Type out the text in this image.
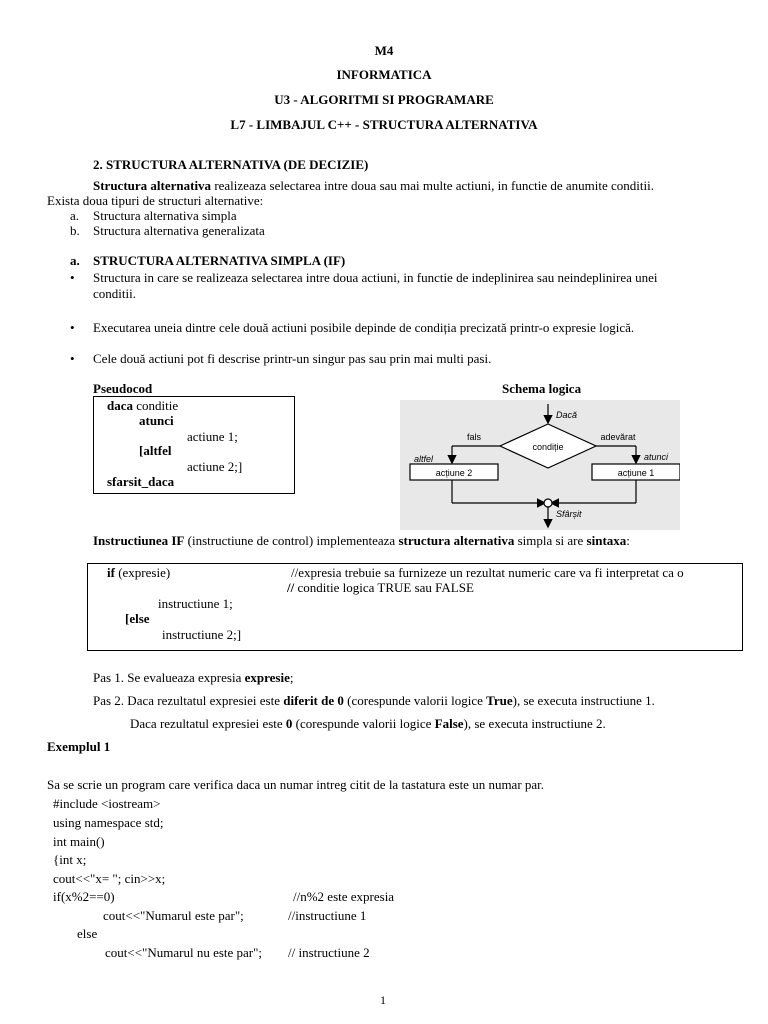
M4
INFORMATICA
U3 - ALGORITMI SI PROGRAMARE
L7 - LIMBAJUL C++ - STRUCTURA ALTERNATIVA
2. STRUCTURA ALTERNATIVA (DE DECIZIE)
Structura alternativa realizeaza selectarea intre doua sau mai multe actiuni, in functie de anumite conditii.
Exista doua tipuri de structuri alternative:
a. Structura alternativa simpla
b. Structura alternativa generalizata
a. STRUCTURA ALTERNATIVA SIMPLA (IF)
• Structura in care se realizeaza selectarea intre doua actiuni, in functie de indeplinirea sau neindeplinirea unei
conditii.
• Executarea uneia dintre cele două actiuni posibile depinde de condiția precizată printr-o expresie logică.
• Cele două actiuni pot fi descrise printr-un singur pas sau prin mai multi pasi.
Pseudocod
daca conditie
atunci
actiune 1;
[altfel
actiune 2;]
sfarsit_daca
Schema logica
Dacă
condiție
fals
altfel
adevărat
atunci
acțiune 2	acțiune 1
Sfârșit
Instructiunea IF (instructiune de control) implementeaza structura alternativa simpla si are sintaxa:
if (expresie)	//expresia trebuie sa furnizeze un rezultat numeric care va fi interpretat ca o
// conditie logica TRUE sau FALSE
instructiune 1;
[else
instructiune 2;]
Pas 1. Se evalueaza expresia expresie;
Pas 2. Daca rezultatul expresiei este diferit de 0 (corespunde valorii logice True), se executa instructiune 1.
Daca rezultatul expresiei este 0 (corespunde valorii logice False), se executa instructiune 2.
Exemplul 1
Sa se scrie un program care verifica daca un numar intreg citit de la tastatura este un numar par.
#include <iostream>
using namespace std;
int main()
{int x;
cout<<"x= "; cin>>x;
if(x%2==0)	//n%2 este expresia
cout<<"Numarul este par";	//instructiune 1
else
cout<<"Numarul nu este par"; // instructiune 2
1
